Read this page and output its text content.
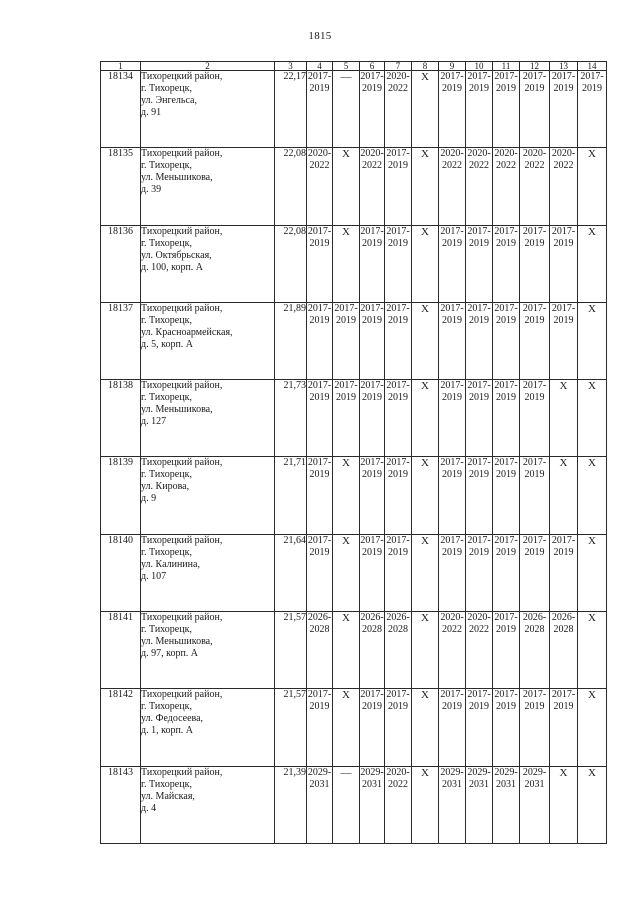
1815
1	2	3	4	5	6	7	8	9	10	11	12	13	14
18134	Тихорецкий район,
г. Тихорецк,
ул. Энгельса,
д. 91	22,17	2017-
2019	—	2017-
2019	2020-
2022	X	2017-
2019	2017-
2019	2017-
2019	2017-
2019	2017-
2019	2017-
2019

18135	Тихорецкий район,
г. Тихорецк,
ул. Меньшикова,
д. 39	22,08	2020-
2022	X	2020-
2022	2017-
2019	X	2020-
2022	2020-
2022	2020-
2022	2020-
2022	2020-
2022	X

18136	Тихорецкий район,
г. Тихорецк,
ул. Октябрьская,
д. 100, корп. А	22,08	2017-
2019	X	2017-
2019	2017-
2019	X	2017-
2019	2017-
2019	2017-
2019	2017-
2019	2017-
2019	X

18137	Тихорецкий район,
г. Тихорецк,
ул. Красноармейская,
д. 5, корп. А	21,89	2017-
2019	2017-
2019	2017-
2019	2017-
2019	X	2017-
2019	2017-
2019	2017-
2019	2017-
2019	2017-
2019	X

18138	Тихорецкий район,
г. Тихорецк,
ул. Меньшикова,
д. 127	21,73	2017-
2019	2017-
2019	2017-
2019	2017-
2019	X	2017-
2019	2017-
2019	2017-
2019	2017-
2019	X	X

18139	Тихорецкий район,
г. Тихорецк,
ул. Кирова,
д. 9	21,71	2017-
2019	X	2017-
2019	2017-
2019	X	2017-
2019	2017-
2019	2017-
2019	2017-
2019	X	X

18140	Тихорецкий район,
г. Тихорецк,
ул. Калинина,
д. 107	21,64	2017-
2019	X	2017-
2019	2017-
2019	X	2017-
2019	2017-
2019	2017-
2019	2017-
2019	2017-
2019	X

18141	Тихорецкий район,
г. Тихорецк,
ул. Меньшикова,
д. 97, корп. А	21,57	2026-
2028	X	2026-
2028	2026-
2028	X	2020-
2022	2020-
2022	2017-
2019	2026-
2028	2026-
2028	X

18142	Тихорецкий район,
г. Тихорецк,
ул. Федосеева,
д. 1, корп. А	21,57	2017-
2019	X	2017-
2019	2017-
2019	X	2017-
2019	2017-
2019	2017-
2019	2017-
2019	2017-
2019	X

18143	Тихорецкий район,
г. Тихорецк,
ул. Майская,
д. 4	21,39	2029-
2031	—	2029-
2031	2020-
2022	X	2029-
2031	2029-
2031	2029-
2031	2029-
2031	X	X
